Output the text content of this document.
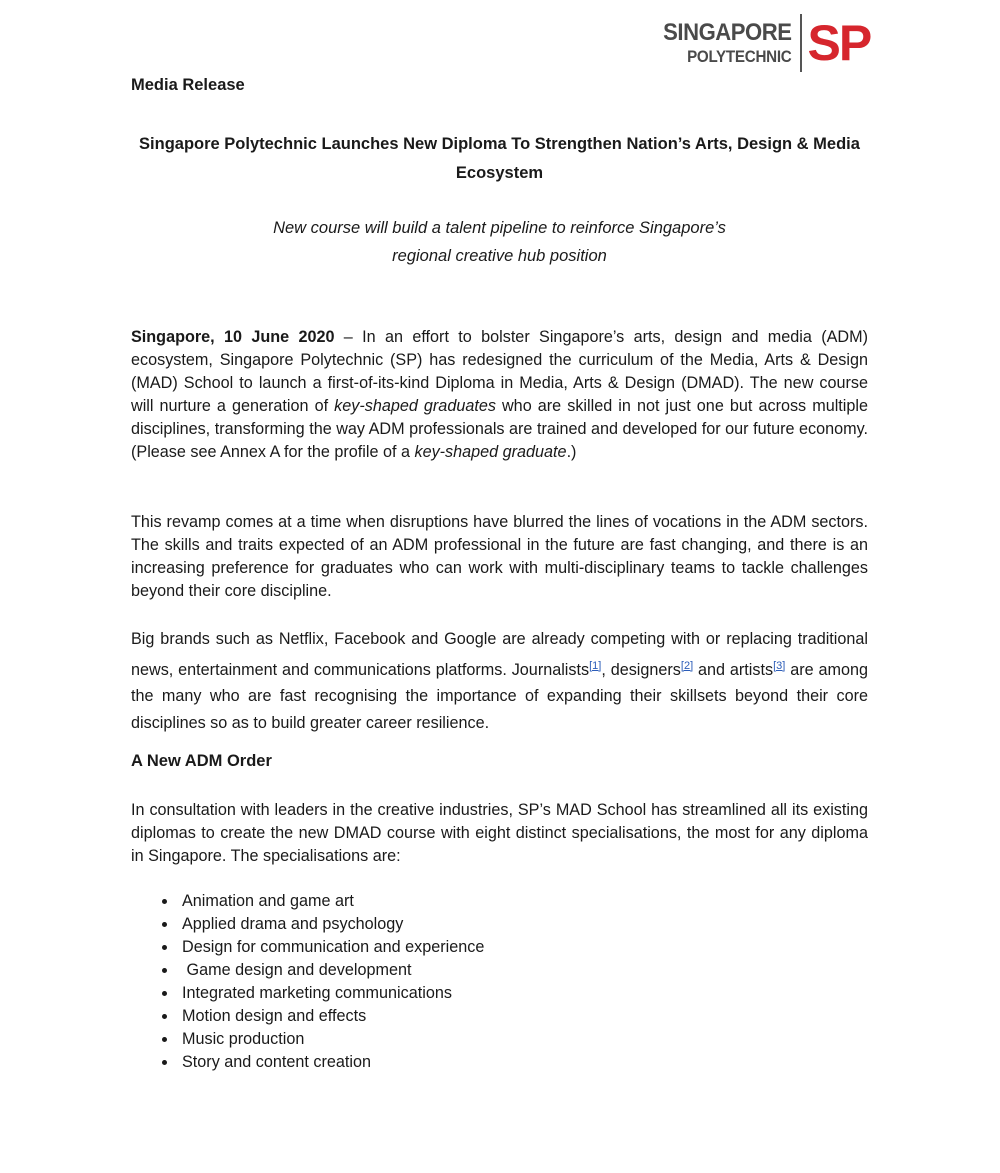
SINGAPORE
POLYTECHNIC SP
Media Release
Singapore Polytechnic Launches New Diploma To Strengthen Nation’s Arts, Design & Media Ecosystem
New course will build a talent pipeline to reinforce Singapore’s
regional creative hub position

Singapore, 10 June 2020 – In an effort to bolster Singapore’s arts, design and media (ADM) ecosystem, Singapore Polytechnic (SP) has redesigned the curriculum of the Media, Arts & Design (MAD) School to launch a first-of-its-kind Diploma in Media, Arts & Design (DMAD). The new course will nurture a generation of key-shaped graduates who are skilled in not just one but across multiple disciplines, transforming the way ADM professionals are trained and developed for our future economy. (Please see Annex A for the profile of a key-shaped graduate.)

This revamp comes at a time when disruptions have blurred the lines of vocations in the ADM sectors. The skills and traits expected of an ADM professional in the future are fast changing, and there is an increasing preference for graduates who can work with multi-disciplinary teams to tackle challenges beyond their core discipline.

Big brands such as Netflix, Facebook and Google are already competing with or replacing traditional news, entertainment and communications platforms. Journalists[1], designers[2] and artists[3] are among the many who are fast recognising the importance of expanding their skillsets beyond their core disciplines so as to build greater career resilience.

A New ADM Order

In consultation with leaders in the creative industries, SP’s MAD School has streamlined all its existing diplomas to create the new DMAD course with eight distinct specialisations, the most for any diploma in Singapore. The specialisations are:

Animation and game art
Applied drama and psychology
Design for communication and experience
Game design and development
Integrated marketing communications
Motion design and effects
Music production
Story and content creation
